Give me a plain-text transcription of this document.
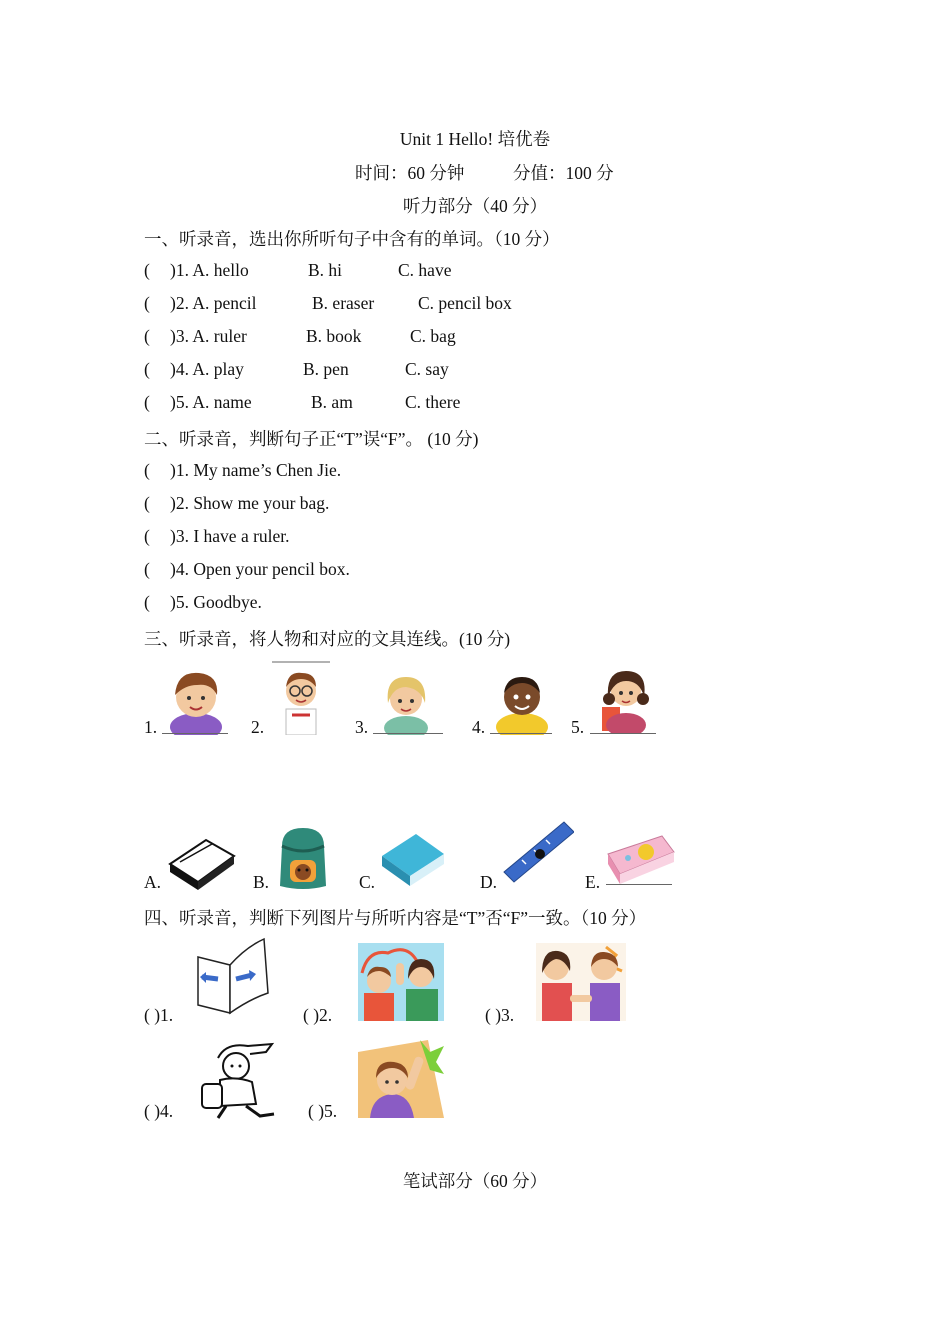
Unit 1 Hello! 培优卷
时间：60 分钟	分值：100 分
听力部分（40 分）
一、听录音，选出你所听句子中含有的单词。（10 分）
( )1. A. hello	B. hi	C. have
( )2. A. pencil	B. eraser	C. pencil box
( )3. A. ruler	B. book	C. bag
( )4. A. play	B. pen	C. say
( )5. A. name	B. am	C. there
二、听录音，判断句子正“T”误“F”。 (10 分)
( )1. My name’s Chen Jie.
( )2. Show me your bag.
( )3. I have a ruler.
( )4. Open your pencil box.
( )5. Goodbye.
三、听录音，将人物和对应的文具连线。(10 分)
1.	2.	3.	4.	5.
A.	B.	C.	D.	E.
四、听录音，判断下列图片与所听内容是“T”否“F”一致。（10 分）
( )1.	( )2.	( )3.
( )4.	( )5.
笔试部分（60 分）
